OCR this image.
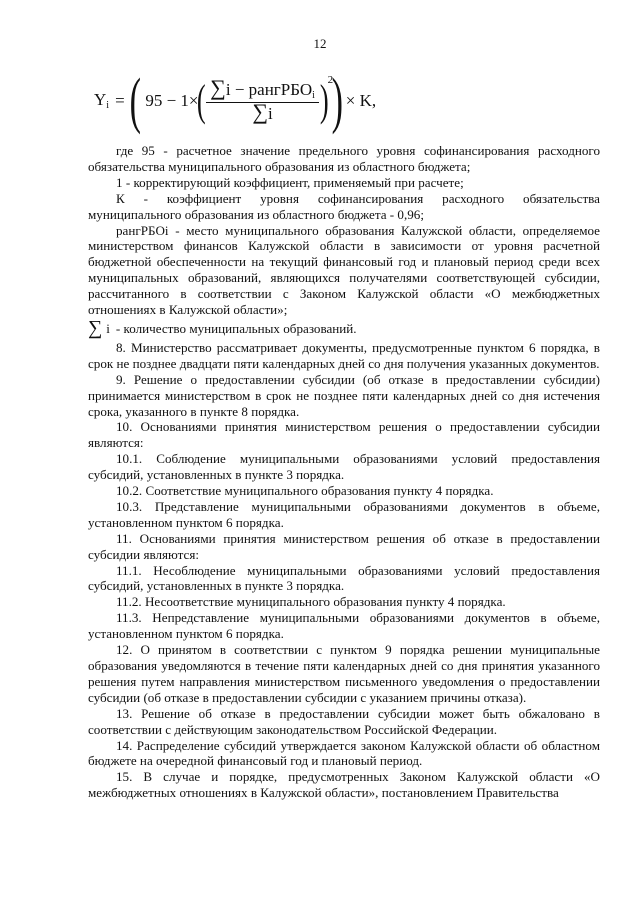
12
Yi = ( 95 − 1×
( $\frac{\text{∑i − рангРБОi}}{\sum i}$ )
2
) × K,

где 95 - расчетное значение предельного уровня софинансирования расходного обязательства муниципального образования из областного бюджета;

1 - корректирующий коэффициент, применяемый при расчете;

К - коэффициент уровня софинансирования расходного обязательства муниципального образования из областного бюджета - 0,96;

рангРБОі - место муниципального образования Калужской области, определяемое министерством финансов Калужской области в зависимости от уровня расчетной бюджетной обеспеченности на текущий финансовый год и плановый период среди всех муниципальных образований, являющихся получателями соответствующей субсидии, рассчитанного в соответствии с Законом Калужской области «О межбюджетных отношениях в Калужской области»;

∑ i - количество муниципальных образований.

8. Министерство рассматривает документы, предусмотренные пунктом 6 порядка, в срок не позднее двадцати пяти календарных дней со дня получения указанных документов.

9. Решение о предоставлении субсидии (об отказе в предоставлении субсидии) принимается министерством в срок не позднее пяти календарных дней со дня истечения срока, указанного в пункте 8 порядка.

10. Основаниями принятия министерством решения о предоставлении субсидии являются:

10.1. Соблюдение муниципальными образованиями условий предоставления субсидий, установленных в пункте 3 порядка.

10.2. Соответствие муниципального образования пункту 4 порядка.

10.3. Представление муниципальными образованиями документов в объеме, установленном пунктом 6 порядка.

11. Основаниями принятия министерством решения об отказе в предоставлении субсидии являются:

11.1. Несоблюдение муниципальными образованиями условий предоставления субсидий, установленных в пункте 3 порядка.

11.2. Несоответствие муниципального образования пункту 4 порядка.

11.3. Непредставление муниципальными образованиями документов в объеме, установленном пунктом 6 порядка.

12. О принятом в соответствии с пунктом 9 порядка решении муниципальные образования уведомляются в течение пяти календарных дней со дня принятия указанного решения путем направления министерством письменного уведомления о предоставлении субсидии (об отказе в предоставлении субсидии с указанием причины отказа).

13. Решение об отказе в предоставлении субсидии может быть обжаловано в соответствии с действующим законодательством Российской Федерации.

14. Распределение субсидий утверждается законом Калужской области об областном бюджете на очередной финансовый год и плановый период.

15. В случае и порядке, предусмотренных Законом Калужской области «О межбюджетных отношениях в Калужской области», постановлением Правительства
